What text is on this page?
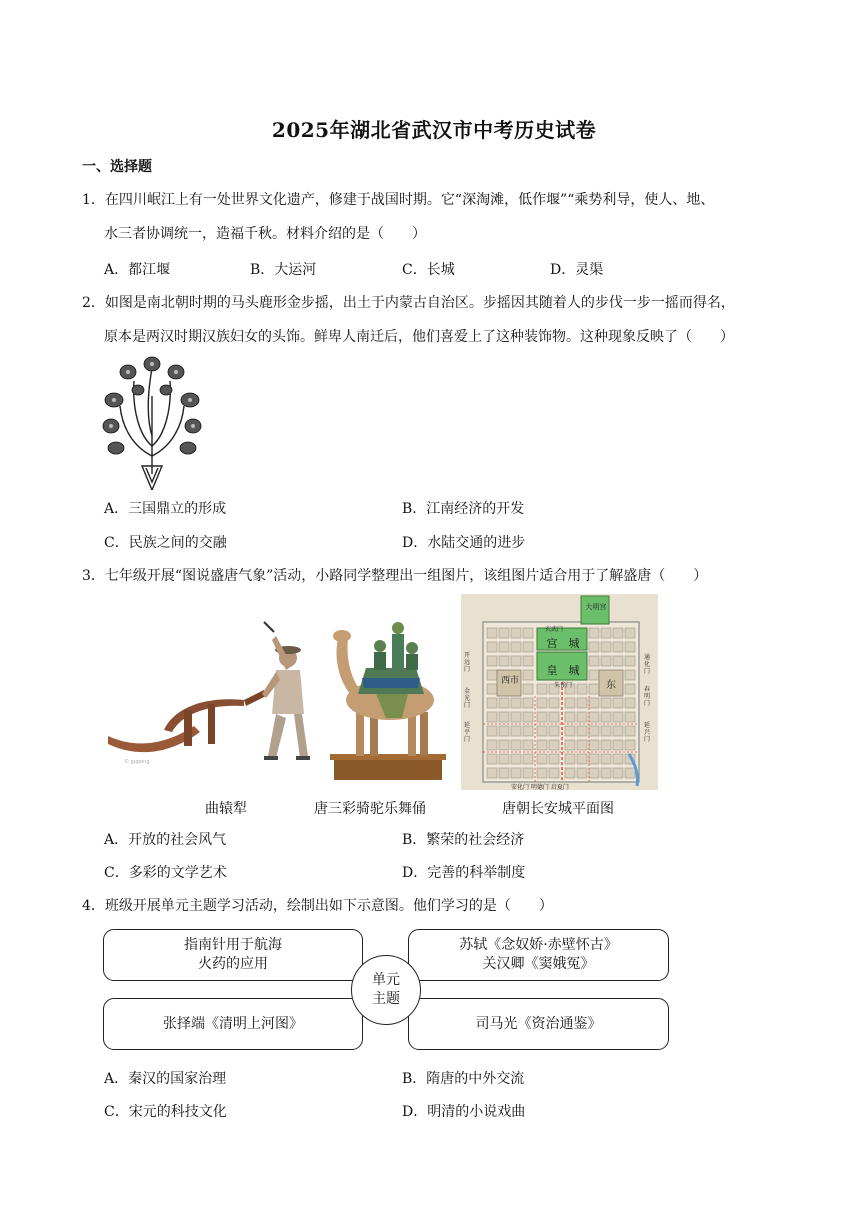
2025年湖北省武汉市中考历史试卷
一、选择题
1．在四川岷江上有一处世界文化遗产，修建于战国时期。它“深淘滩，低作堰”“乘势利导，使人、地、
水三者协调统一，造福千秋。材料介绍的是（　　）
A．都江堰	B．大运河	C．长城	D．灵渠
2．如图是南北朝时期的马头鹿形金步摇，出土于内蒙古自治区。步摇因其随着人的步伐一步一摇而得名，
原本是两汉时期汉族妇女的头饰。鲜卑人南迁后，他们喜爱上了这种装饰物。这种现象反映了（　　）
A．三国鼎立的形成	B．江南经济的开发
C．民族之间的交融	D．水陆交通的进步
3．七年级开展“图说盛唐气象”活动，小路同学整理出一组图片，该组图片适合用于了解盛唐（　　）
© gugong
宫　城
皇　城
西市	东
大明宫
玄武门
朱雀门
开远门
金光门
延平门
通化门
春明门
延兴门
安化门 明德门 启夏门
曲辕犁	唐三彩骑驼乐舞俑	唐朝长安城平面图
A．开放的社会风气	B．繁荣的社会经济
C．多彩的文学艺术	D．完善的科举制度
4．班级开展单元主题学习活动，绘制出如下示意图。他们学习的是（　　）
指南针用于航海
火药的应用
苏轼《念奴娇·赤壁怀古》
关汉卿《窦娥冤》
张择端《清明上河图》	司马光《资治通鉴》
单元
主题
A．秦汉的国家治理	B．隋唐的中外交流
C．宋元的科技文化	D．明清的小说戏曲
